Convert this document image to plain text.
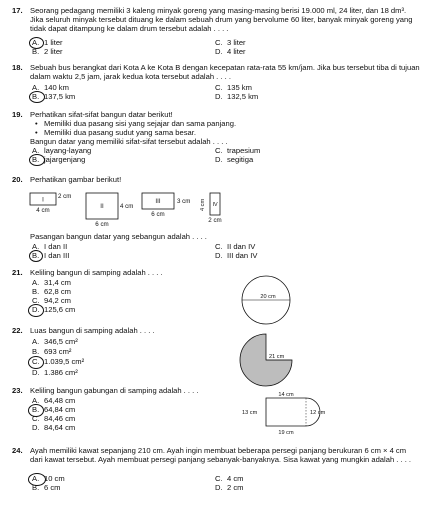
17. Seorang pedagang memiliki 3 kaleng minyak goreng yang masing-masing berisi 19.000 ml, 24 liter, dan 18 dm³. Jika seluruh minyak tersebut dituang ke dalam sebuah drum yang bervolume 60 liter, banyak minyak goreng yang tidak dapat ditampung ke dalam drum tersebut adalah . . . .
A. 1 liter
B. 2 liter
C. 3 liter
D. 4 liter
18. Sebuah bus berangkat dari Kota A ke Kota B dengan kecepatan rata-rata 55 km/jam. Jika bus tersebut tiba di tujuan dalam waktu 2,5 jam, jarak kedua kota tersebut adalah . . . .
A. 140 km
B. 137,5 km
C. 135 km
D. 132,5 km
19. Perhatikan sifat-sifat bangun datar berikut!
• Memiliki dua pasang sisi yang sejajar dan sama panjang.
• Memiliki dua pasang sudut yang sama besar.
Bangun datar yang memiliki sifat-sifat tersebut adalah . . . .
A. layang-layang
B. jajargenjang
C. trapesium
D. segitiga
20. Perhatikan gambar berikut!
I 2 cm
4 cm
II	4 cm
6 cm
III	3 cm
6 cm
IV
4 cm
2 cm
Pasangan bangun datar yang sebangun adalah . . . .
A. I dan II
B. I dan III
C. II dan IV
D. III dan IV
21. Keliling bangun di samping adalah . . . .
A. 31,4 cm
B. 62,8 cm
C. 94,2 cm
D. 125,6 cm
20 cm
22. Luas bangun di samping adalah . . . .
A. 346,5 cm²
B. 693 cm²
C. 1.039,5 cm²
D. 1.386 cm²
21 cm
23. Keliling bangun gabungan di samping adalah . . . .
A. 64,48 cm
B. 64,84 cm
C. 84,46 cm
D. 84,64 cm
14 cm
13 cm	12 cm
19 cm
24. Ayah memiliki kawat sepanjang 210 cm. Ayah ingin membuat beberapa persegi panjang berukuran 6 cm × 4 cm dari kawat tersebut. Ayah membuat persegi panjang sebanyak-banyaknya. Sisa kawat yang mungkin adalah . . . .
A. 10 cm
B. 6 cm
C. 4 cm
D. 2 cm
